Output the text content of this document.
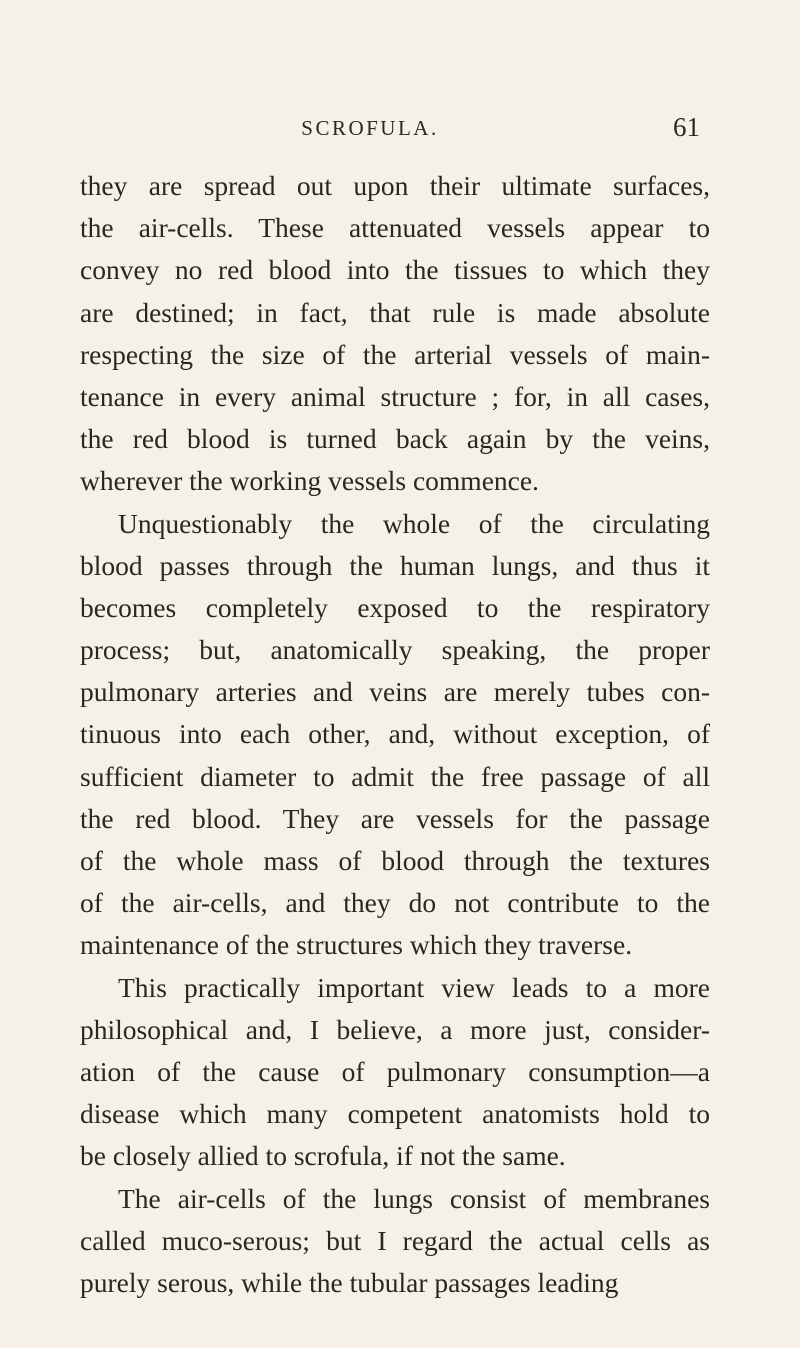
SCROFULA.	61
they are spread out upon their ultimate surfaces,
the air-cells. These attenuated vessels appear to
convey no red blood into the tissues to which they
are destined; in fact, that rule is made absolute
respecting the size of the arterial vessels of main-
tenance in every animal structure ; for, in all cases,
the red blood is turned back again by the veins,
wherever the working vessels commence.
Unquestionably the whole of the circulating
blood passes through the human lungs, and thus it
becomes completely exposed to the respiratory
process; but, anatomically speaking, the proper
pulmonary arteries and veins are merely tubes con-
tinuous into each other, and, without exception, of
sufficient diameter to admit the free passage of all
the red blood. They are vessels for the passage
of the whole mass of blood through the textures
of the air-cells, and they do not contribute to the
maintenance of the structures which they traverse.
This practically important view leads to a more
philosophical and, I believe, a more just, consider-
ation of the cause of pulmonary consumption—a
disease which many competent anatomists hold to
be closely allied to scrofula, if not the same.
The air-cells of the lungs consist of membranes
called muco-serous; but I regard the actual cells as
purely serous, while the tubular passages leading
